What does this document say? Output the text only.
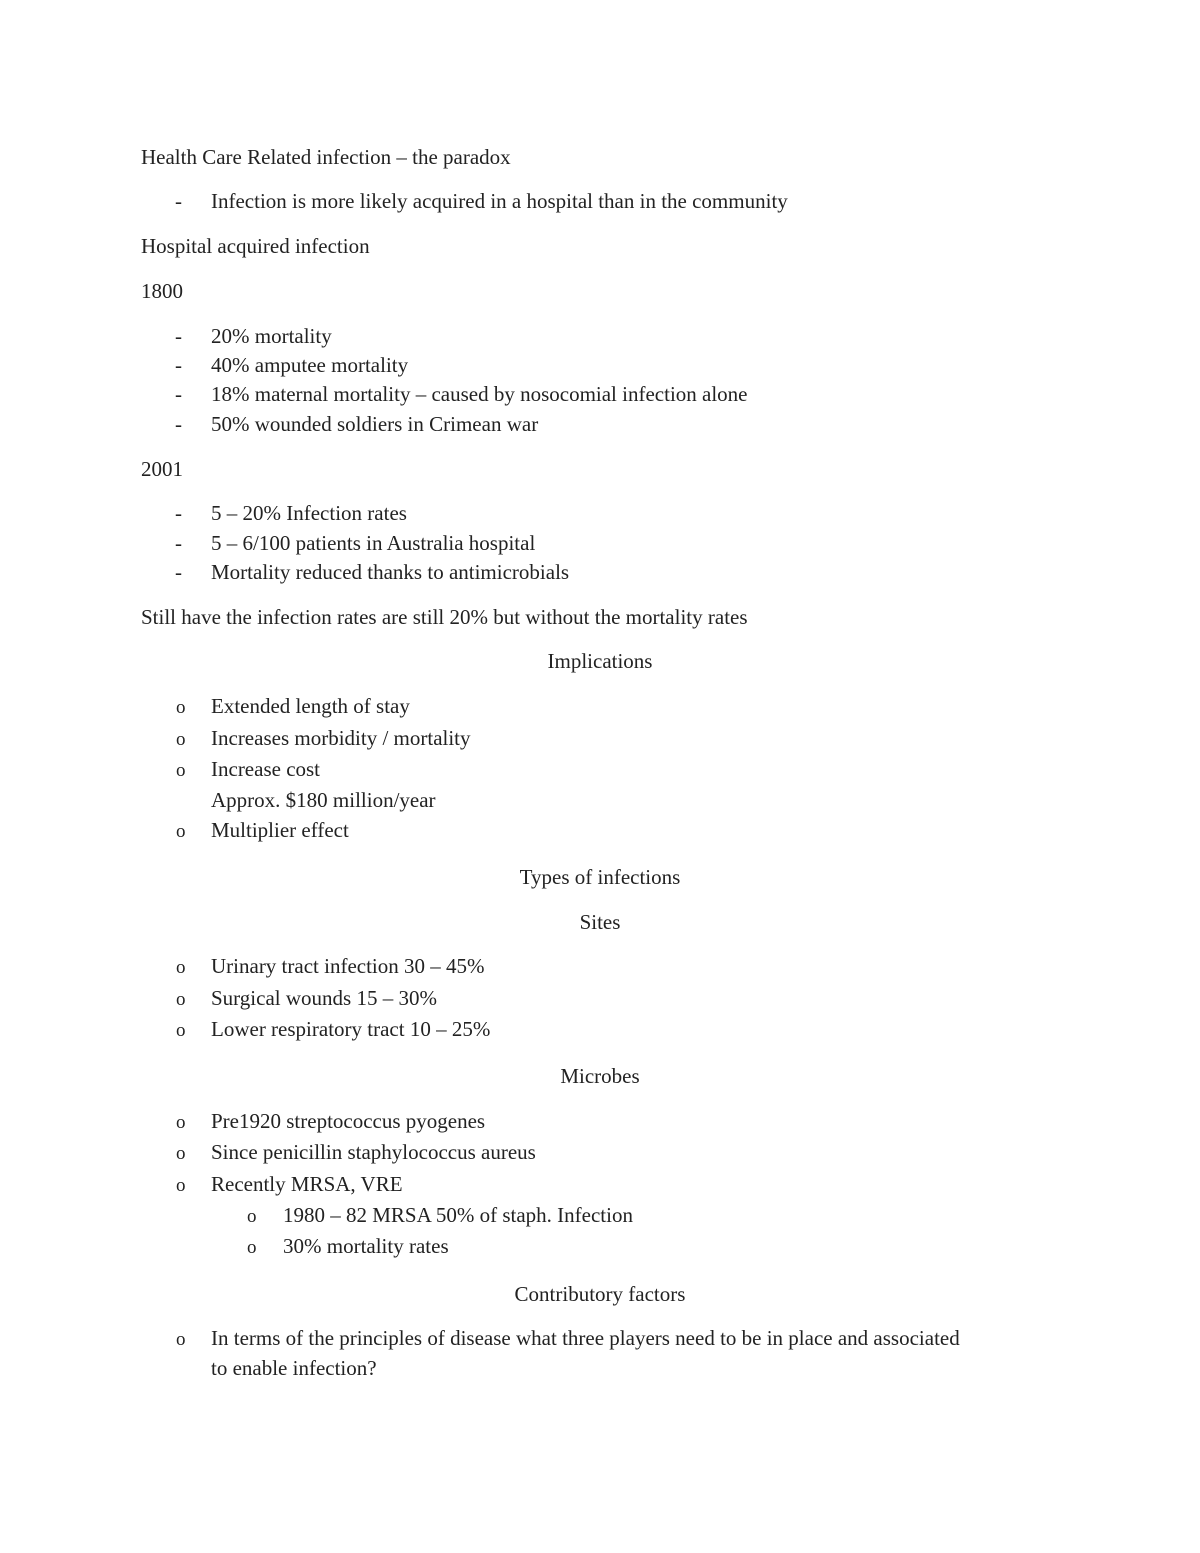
Health Care Related infection – the paradox
- Infection is more likely acquired in a hospital than in the community
Hospital acquired infection
1800
- 20% mortality
- 40% amputee mortality
- 18% maternal mortality – caused by nosocomial infection alone
- 50% wounded soldiers in Crimean war
2001
- 5 – 20% Infection rates
- 5 – 6/100 patients in Australia hospital
- Mortality reduced thanks to antimicrobials
Still have the infection rates are still 20% but without the mortality rates
Implications
o Extended length of stay
o Increases morbidity / mortality
o Increase cost
Approx. $180 million/year
o Multiplier effect
Types of infections
Sites
o Urinary tract infection 30 – 45%
o Surgical wounds 15 – 30%
o Lower respiratory tract 10 – 25%
Microbes
o Pre1920 streptococcus pyogenes
o Since penicillin staphylococcus aureus
o Recently MRSA, VRE
o 1980 – 82 MRSA 50% of staph. Infection
o 30% mortality rates
Contributory factors
o In terms of the principles of disease what three players need to be in place and associated
to enable infection?
